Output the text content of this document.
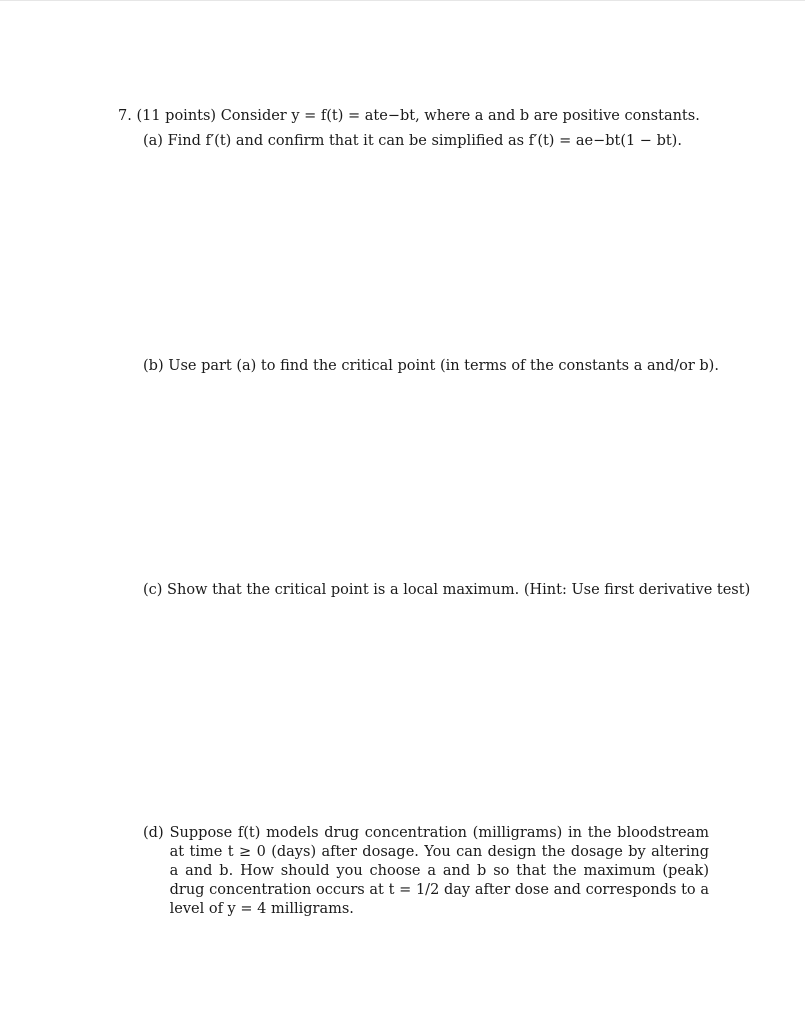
7. (11 points) Consider y = f(t) = ate−bt, where a and b are positive constants.
(a) Find f′(t) and confirm that it can be simplified as f′(t) = ae−bt(1 − bt).
(b) Use part (a) to find the critical point (in terms of the constants a and/or b).
(c) Show that the critical point is a local maximum. (Hint: Use first derivative test)
(d) Suppose f(t) models drug concentration (milligrams) in the bloodstream at time t ≥ 0 (days) after dosage. You can design the dosage by altering a and b. How should you choose a and b so that the maximum (peak) drug concentration occurs at t = 1/2 day after dose and corresponds to a level of y = 4 milligrams.
